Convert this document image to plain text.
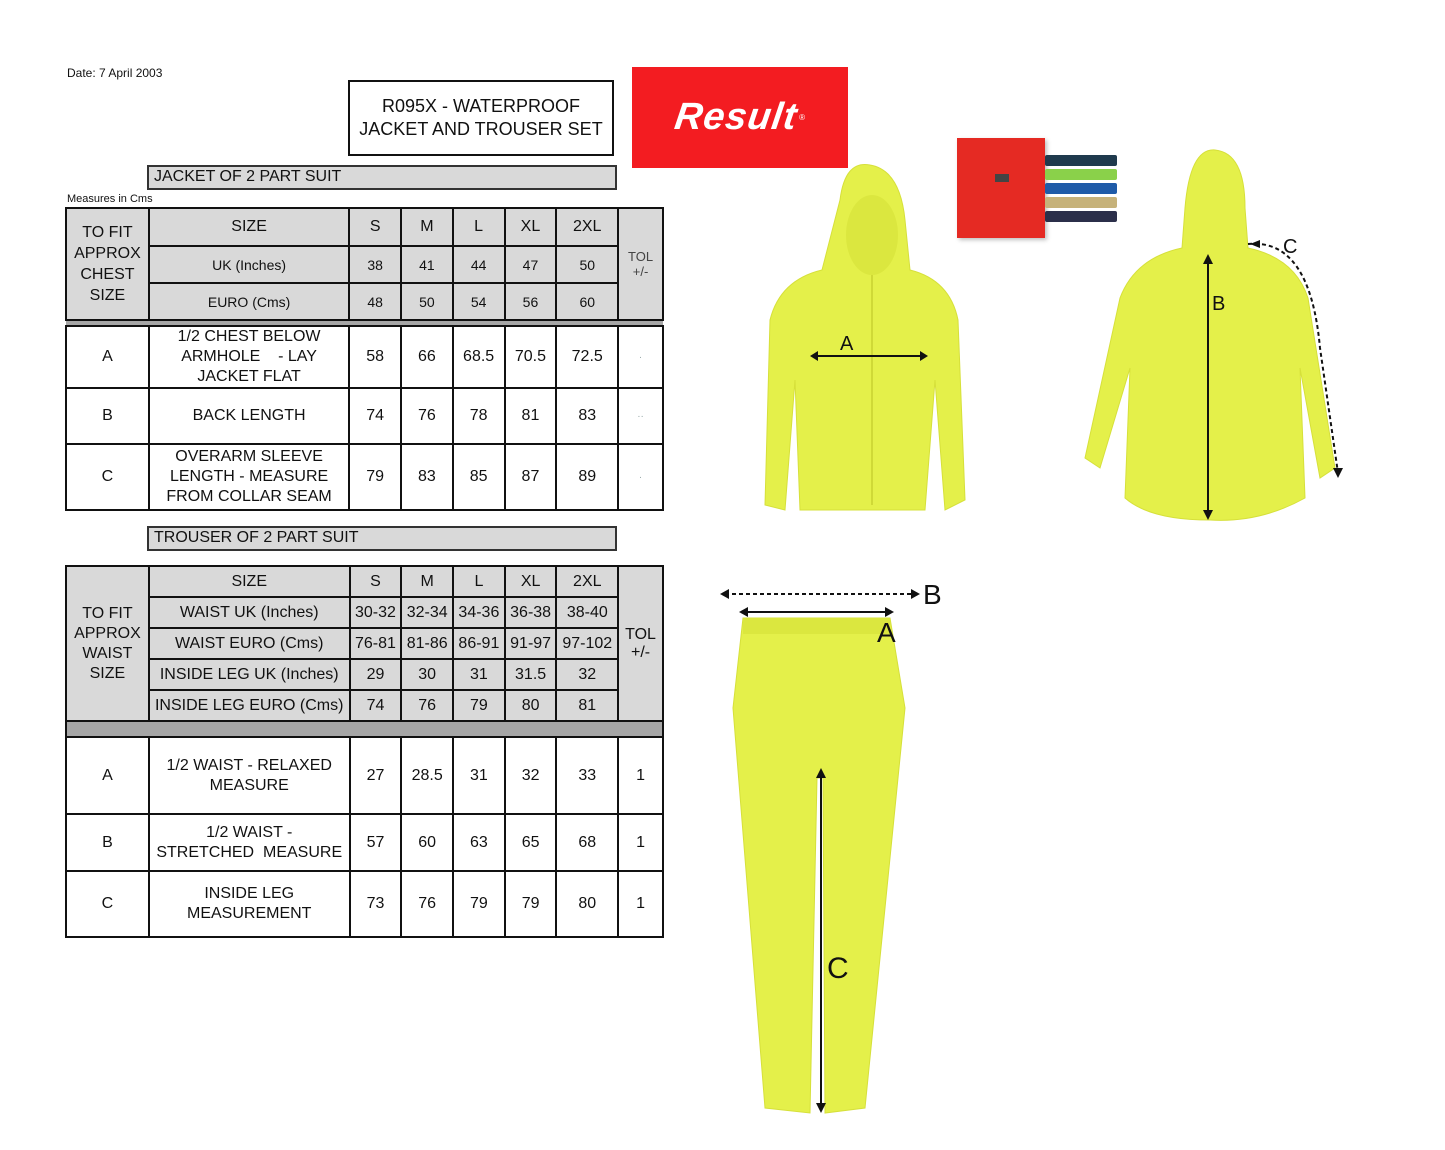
Date: 7 April 2003
R095X - WATERPROOF
JACKET AND TROUSER SET Result
®
JACKET OF 2 PART SUIT
Measures in Cms
TO FIT
APPROX
CHEST
SIZE	SIZE	S	M	L	XL	2XL	TOL +/-
	UK (Inches)	38	41	44	47	50	
	EURO (Cms)	48	50	54	56	60	

A	1/2 CHEST BELOW
ARMHOLE    - LAY
JACKET FLAT	58	66	68.5	70.5	72.5	·
B	BACK LENGTH	74	76	78	81	83	··
C	OVERARM SLEEVE
LENGTH - MEASURE
FROM COLLAR SEAM	79	83	85	87	89	·
TROUSER OF 2 PART SUIT
TO FIT
APPROX
WAIST
SIZE
	SIZE	S	M	L	XL	2XL	
TOL
+/-

	WAIST UK (Inches)	30-32	32-34	34-36	36-38	38-40	
	WAIST EURO (Cms)	76-81	81-86	86-91	91-97	97-102	
	INSIDE LEG UK (Inches)	29	30	31	31.5	32	
	INSIDE LEG EURO (Cms)	74	76	79	80	81	

A	1/2 WAIST - RELAXED
MEASURE	27	28.5	31	32	33	1
B	1/2 WAIST -
STRETCHED  MEASURE	57	60	63	65	68	1
C	INSIDE LEG
MEASUREMENT	73	76	79	79	80	1
A
B
C
B
A
C
